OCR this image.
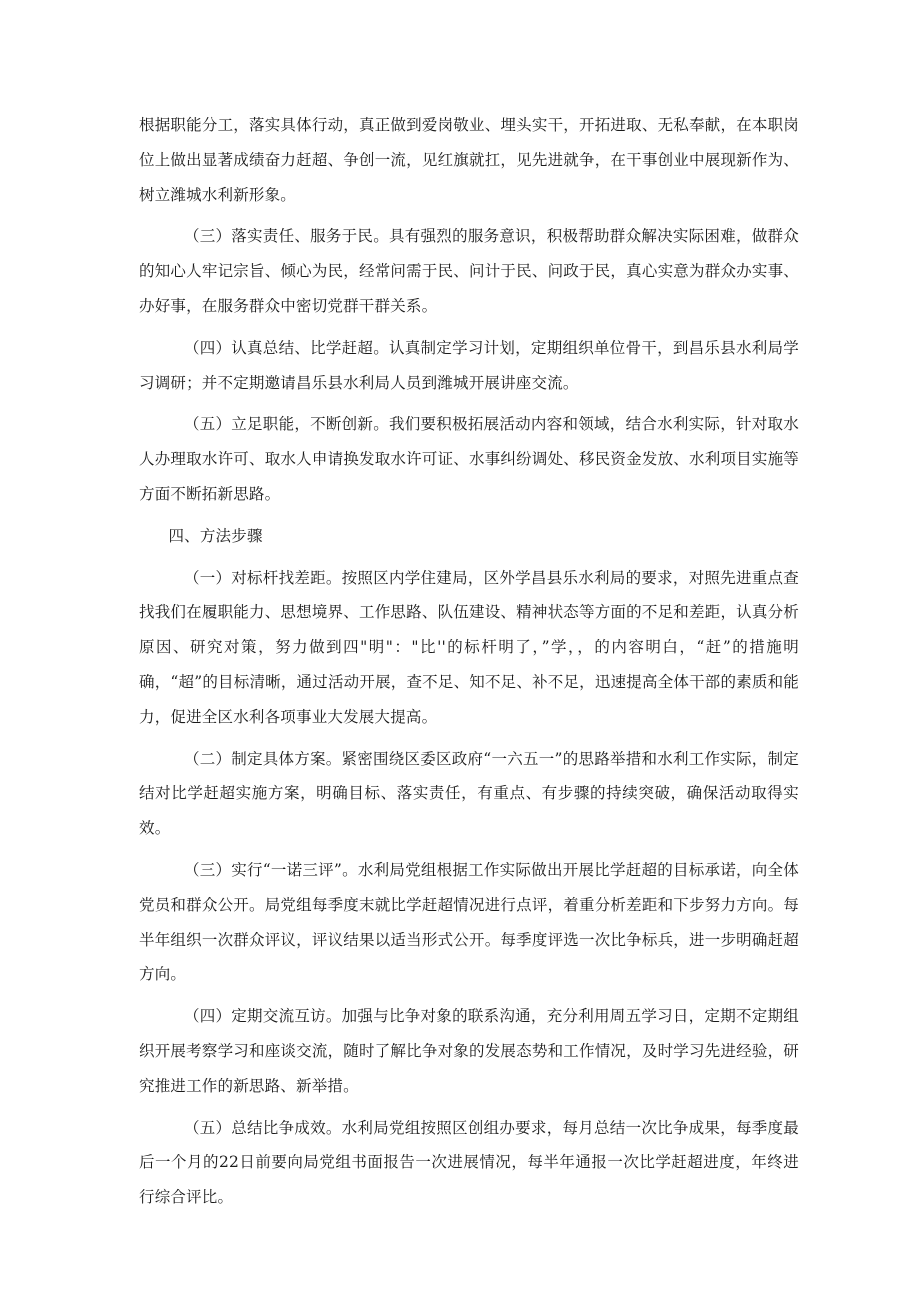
根据职能分工，落实具体行动，真正做到爱岗敬业、埋头实干，开拓进取、无私奉献，在本职岗位上做出显著成绩奋力赶超、争创一流，见红旗就扛，见先进就争，在干事创业中展现新作为、树立潍城水利新形象。

（三）落实责任、服务于民。具有强烈的服务意识，积极帮助群众解决实际困难，做群众的知心人牢记宗旨、倾心为民，经常问需于民、问计于民、问政于民，真心实意为群众办实事、办好事，在服务群众中密切党群干群关系。

（四）认真总结、比学赶超。认真制定学习计划，定期组织单位骨干，到昌乐县水利局学习调研；并不定期邀请昌乐县水利局人员到潍城开展讲座交流。

（五）立足职能，不断创新。我们要积极拓展活动内容和领域，结合水利实际，针对取水人办理取水许可、取水人申请换发取水许可证、水事纠纷调处、移民资金发放、水利项目实施等方面不断拓新思路。

四、方法步骤

（一）对标杆找差距。按照区内学住建局，区外学昌县乐水利局的要求，对照先进重点查找我们在履职能力、思想境界、工作思路、队伍建设、精神状态等方面的不足和差距，认真分析原因、研究对策，努力做到四"明"："比''的标杆明了，”学，，的内容明白，“赶”的措施明确，“超”的目标清晰，通过活动开展，查不足、知不足、补不足，迅速提高全体干部的素质和能力，促进全区水利各项事业大发展大提高。

（二）制定具体方案。紧密围绕区委区政府“一六五一”的思路举措和水利工作实际，制定结对比学赶超实施方案，明确目标、落实责任，有重点、有步骤的持续突破，确保活动取得实效。

（三）实行“一诺三评”。水利局党组根据工作实际做出开展比学赶超的目标承诺，向全体党员和群众公开。局党组每季度末就比学赶超情况进行点评，着重分析差距和下步努力方向。每半年组织一次群众评议，评议结果以适当形式公开。每季度评选一次比争标兵，进一步明确赶超方向。

（四）定期交流互访。加强与比争对象的联系沟通，充分利用周五学习日，定期不定期组织开展考察学习和座谈交流，随时了解比争对象的发展态势和工作情况，及时学习先进经验，研究推进工作的新思路、新举措。

（五）总结比争成效。水利局党组按照区创组办要求，每月总结一次比争成果，每季度最后一个月的22日前要向局党组书面报告一次进展情况，每半年通报一次比学赶超进度，年终进行综合评比。
